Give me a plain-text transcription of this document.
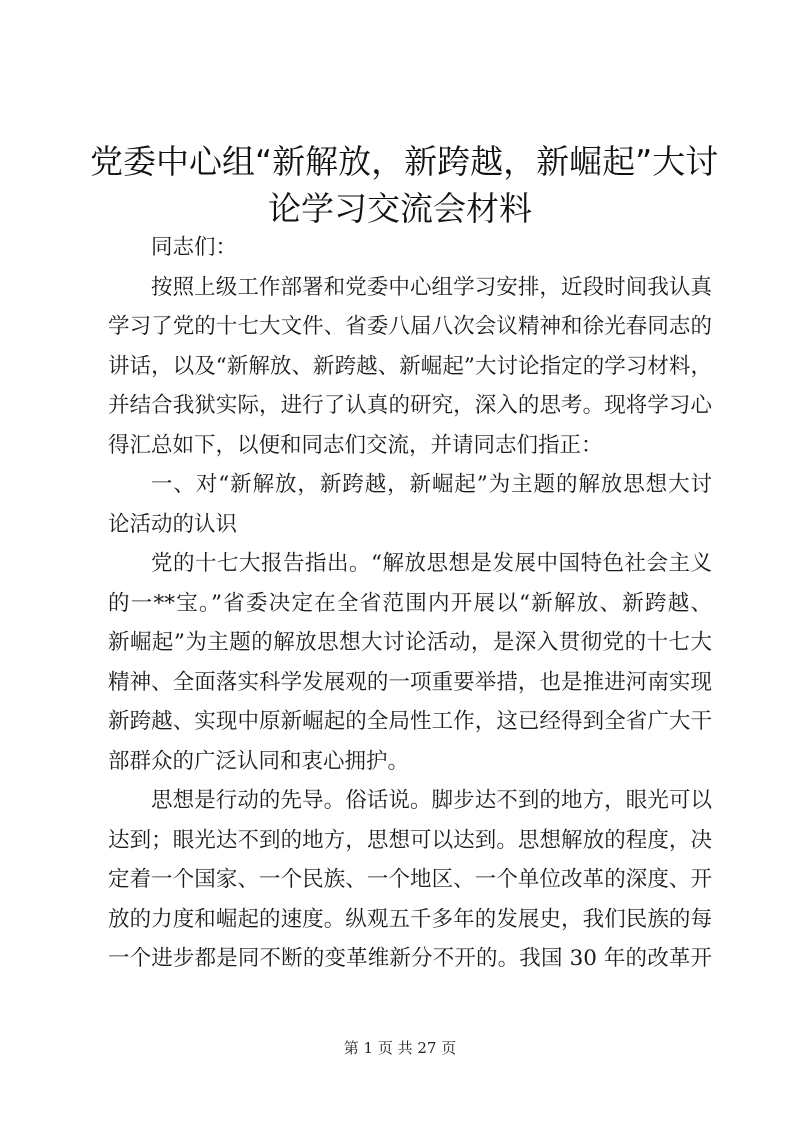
党委中心组“新解放，新跨越，新崛起”大讨
论学习交流会材料
同志们：
按照上级工作部署和党委中心组学习安排，近段时间我认真
学习了党的十七大文件、省委八届八次会议精神和徐光春同志的
讲话，以及“新解放、新跨越、新崛起”大讨论指定的学习材料，
并结合我狱实际，进行了认真的研究，深入的思考。现将学习心
得汇总如下，以便和同志们交流，并请同志们指正：
一、对“新解放，新跨越，新崛起”为主题的解放思想大讨
论活动的认识
党的十七大报告指出。“解放思想是发展中国特色社会主义
的一**宝。”省委决定在全省范围内开展以“新解放、新跨越、
新崛起”为主题的解放思想大讨论活动，是深入贯彻党的十七大
精神、全面落实科学发展观的一项重要举措，也是推进河南实现
新跨越、实现中原新崛起的全局性工作，这已经得到全省广大干
部群众的广泛认同和衷心拥护。
思想是行动的先导。俗话说。脚步达不到的地方，眼光可以
达到；眼光达不到的地方，思想可以达到。思想解放的程度，决
定着一个国家、一个民族、一个地区、一个单位改革的深度、开
放的力度和崛起的速度。纵观五千多年的发展史，我们民族的每
一个进步都是同不断的变革维新分不开的。我国 30 年的改革开
第 1 页 共 27 页
